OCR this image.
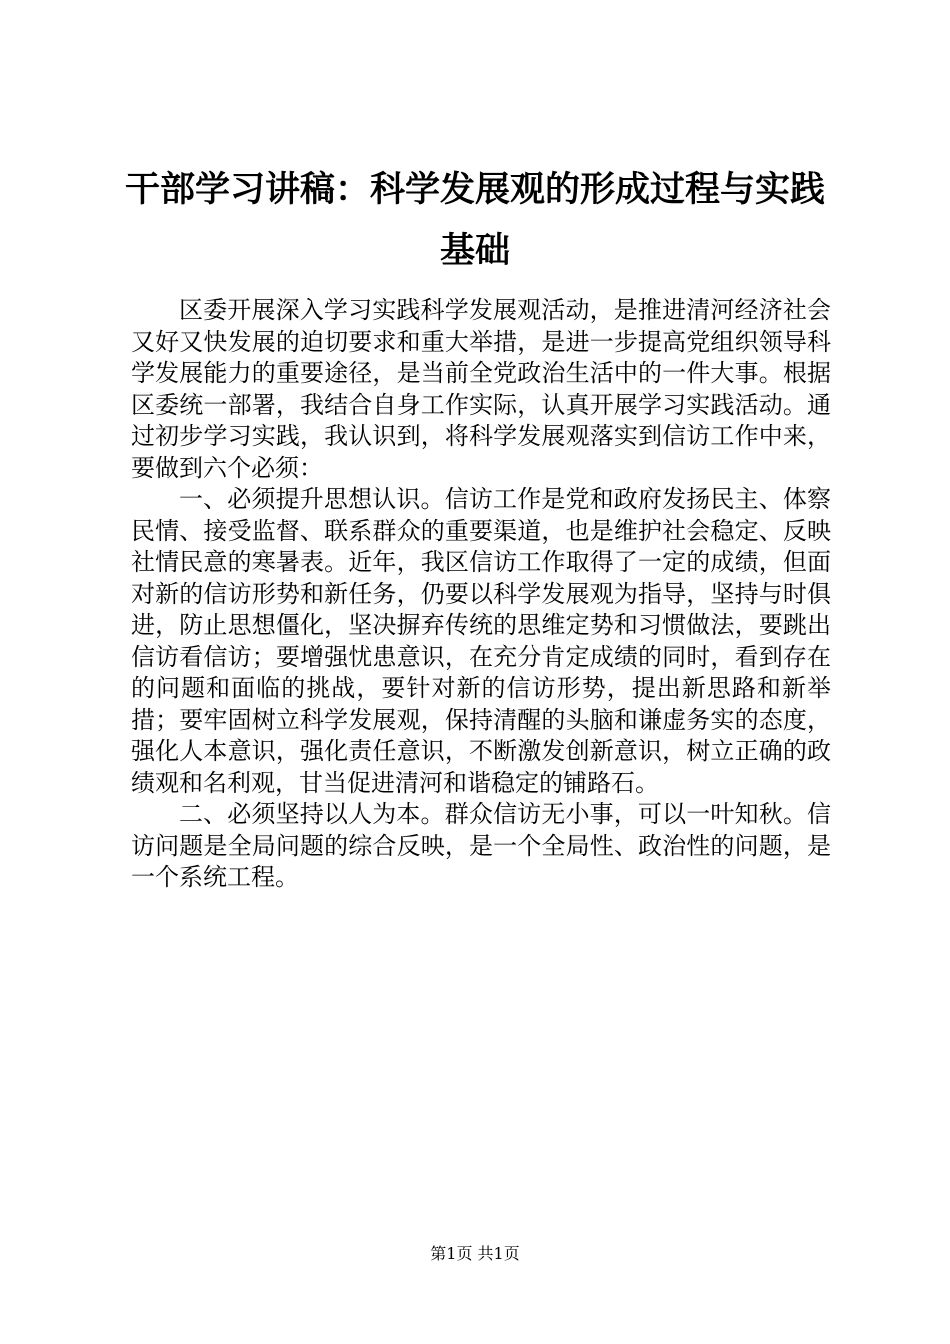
干部学习讲稿：科学发展观的形成过程与实践基础

区委开展深入学习实践科学发展观活动，是推进清河经济社会又好又快发展的迫切要求和重大举措，是进一步提高党组织领导科学发展能力的重要途径，是当前全党政治生活中的一件大事。根据区委统一部署，我结合自身工作实际，认真开展学习实践活动。通过初步学习实践，我认识到，将科学发展观落实到信访工作中来，要做到六个必须：

一、必须提升思想认识。信访工作是党和政府发扬民主、体察民情、接受监督、联系群众的重要渠道，也是维护社会稳定、反映社情民意的寒暑表。近年，我区信访工作取得了一定的成绩，但面对新的信访形势和新任务，仍要以科学发展观为指导，坚持与时俱进，防止思想僵化，坚决摒弃传统的思维定势和习惯做法，要跳出信访看信访；要增强忧患意识，在充分肯定成绩的同时，看到存在的问题和面临的挑战，要针对新的信访形势，提出新思路和新举措；要牢固树立科学发展观，保持清醒的头脑和谦虚务实的态度，强化人本意识，强化责任意识，不断激发创新意识，树立正确的政绩观和名利观，甘当促进清河和谐稳定的铺路石。

二、必须坚持以人为本。群众信访无小事，可以一叶知秋。信访问题是全局问题的综合反映，是一个全局性、政治性的问题，是一个系统工程。

第1页 共1页
